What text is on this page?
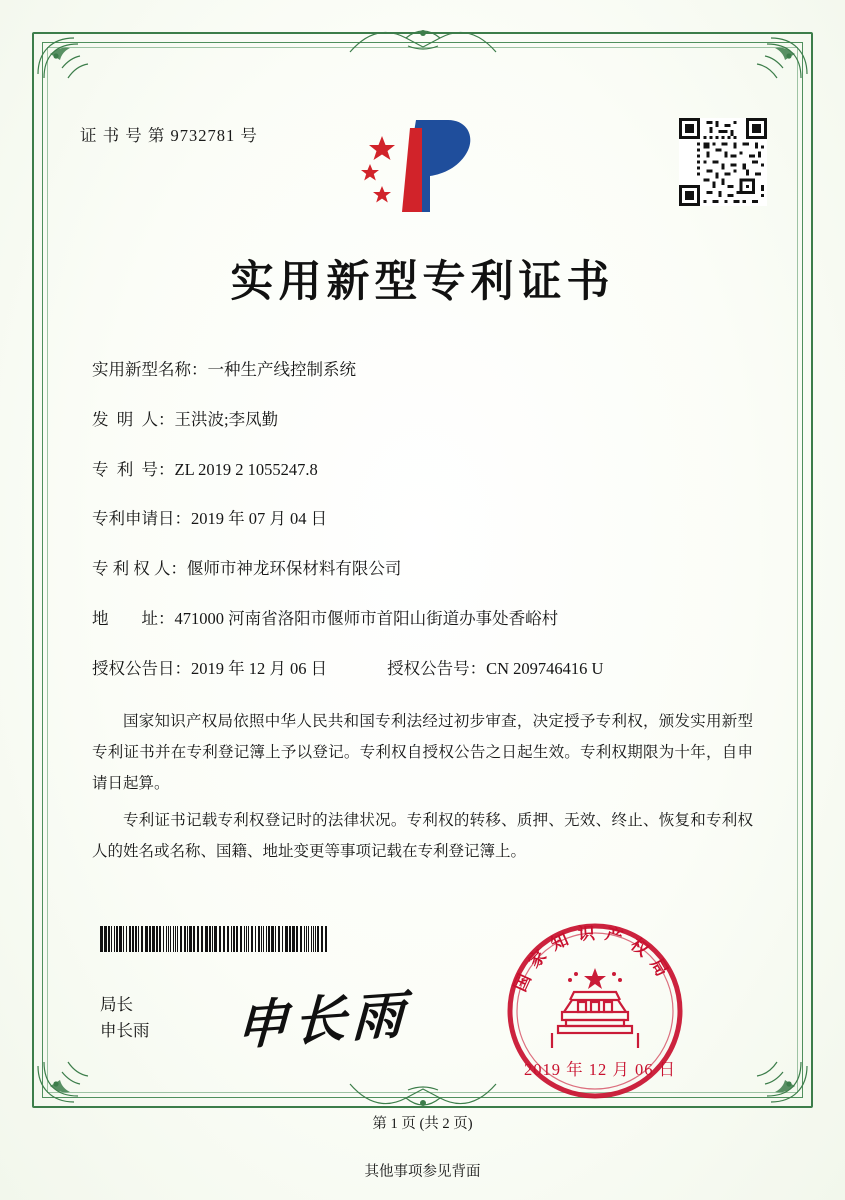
证 书 号 第 9732781 号
实用新型专利证书
实用新型名称： 一种生产线控制系统
发  明  人： 王洪波;李凤勤
专  利  号： ZL 2019 2 1055247.8
专利申请日： 2019 年 07 月 04 日
专 利 权 人： 偃师市神龙环保材料有限公司
地        址： 471000 河南省洛阳市偃师市首阳山街道办事处香峪村
授权公告日： 2019 年 12 月 06 日	授权公告号： CN 209746416 U

国家知识产权局依照中华人民共和国专利法经过初步审查，决定授予专利权，颁发实用新型专利证书并在专利登记簿上予以登记。专利权自授权公告之日起生效。专利权期限为十年，自申请日起算。

专利证书记载专利权登记时的法律状况。专利权的转移、质押、无效、终止、恢复和专利权人的姓名或名称、国籍、地址变更等事项记载在专利登记簿上。

局长
申长雨 申长雨
国家知识产权局
2019 年 12 月 06 日
第 1 页 (共 2 页)
其他事项参见背面
